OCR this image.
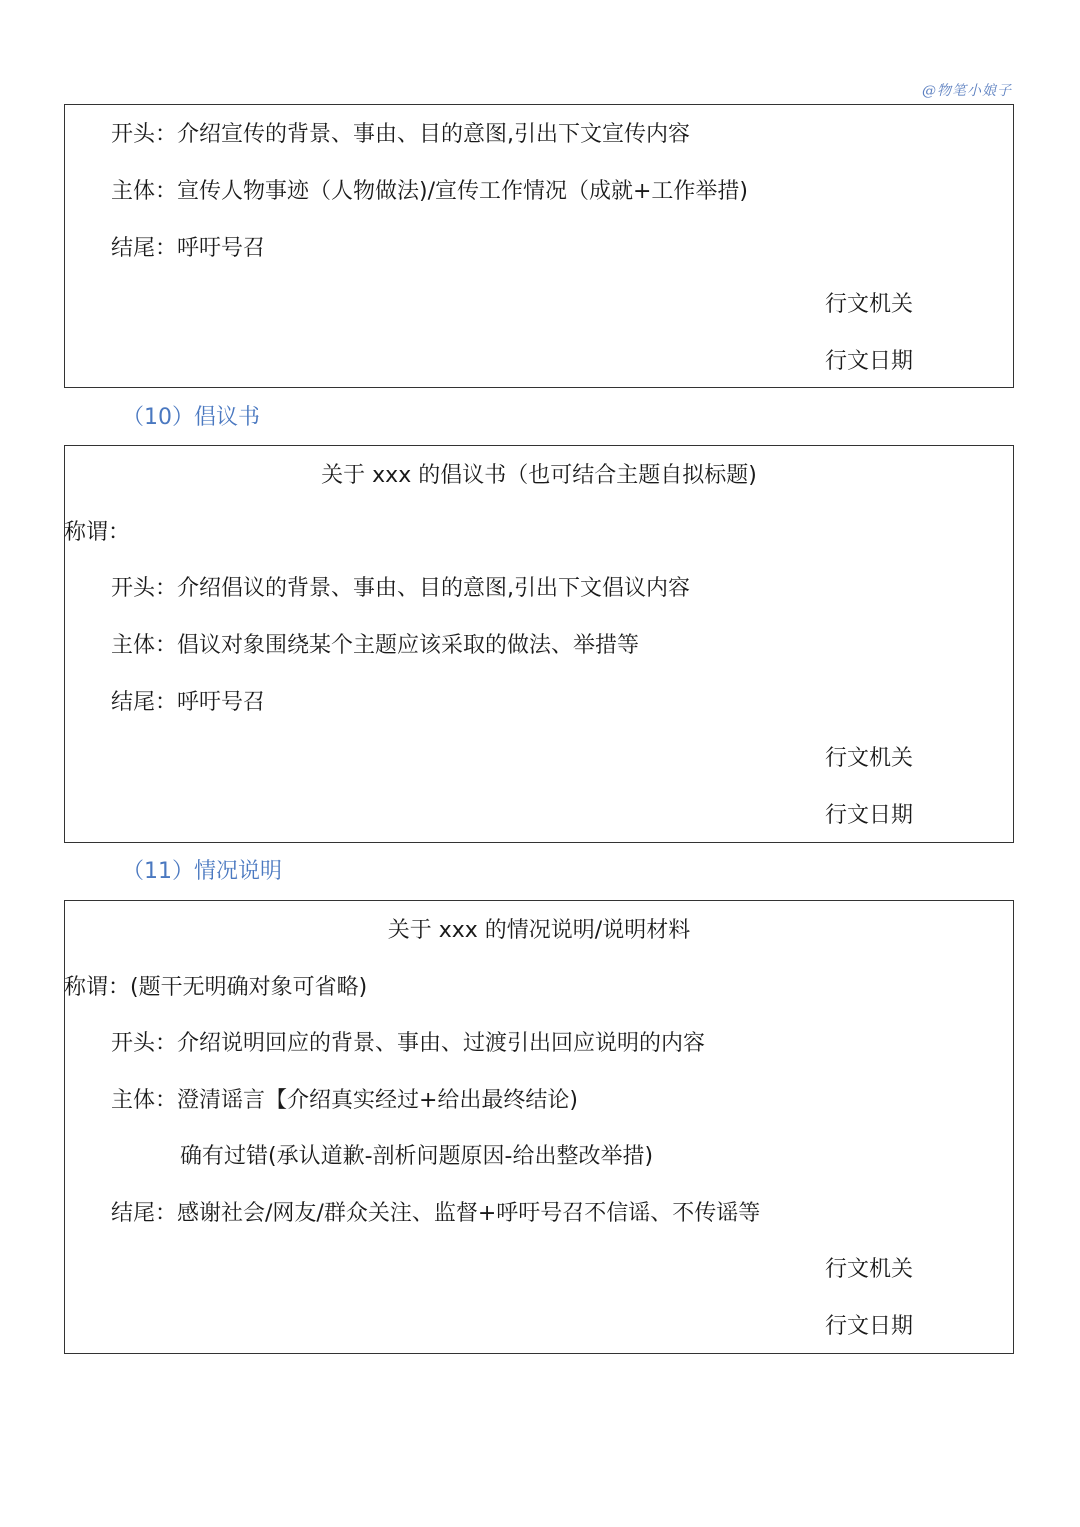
@物笔小娘子
开头：介绍宣传的背景、事由、目的意图,引出下文宣传内容
主体：宣传人物事迹（人物做法)/宣传工作情况（成就+工作举措)
结尾：呼吁号召
行文机关
行文日期
（10）倡议书
关于 xxx 的倡议书（也可结合主题自拟标题)
称谓：
开头：介绍倡议的背景、事由、目的意图,引出下文倡议内容
主体：倡议对象围绕某个主题应该采取的做法、举措等
结尾：呼吁号召
行文机关
行文日期
（11）情况说明
关于 xxx 的情况说明/说明材料
称谓：(题干无明确对象可省略)
开头：介绍说明回应的背景、事由、过渡引出回应说明的内容
主体：澄清谣言【介绍真实经过+给出最终结论)
确有过错(承认道歉-剖析问题原因-给出整改举措)
结尾：感谢社会/网友/群众关注、监督+呼吁号召不信谣、不传谣等
行文机关
行文日期
